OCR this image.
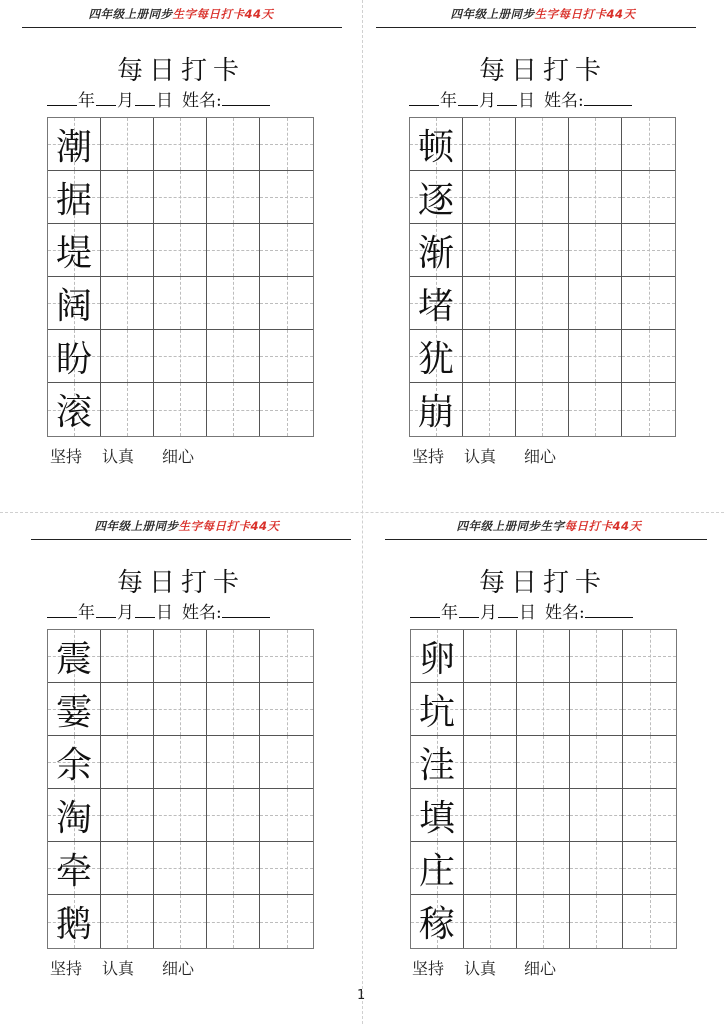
四年级上册同步生字每日打卡44天
每日打卡
年 月 日 姓名:
潮
据
堤
阔
盼
滚
坚持 认真 细心
四年级上册同步生字每日打卡44天
每日打卡
年 月 日 姓名:
顿
逐
渐
堵
犹
崩
坚持 认真 细心
四年级上册同步生字每日打卡44天
每日打卡
年 月 日 姓名:
震
霎
余
淘
牵
鹅
坚持 认真 细心
四年级上册同步生字每日打卡44天
每日打卡
年 月 日 姓名:
卵
坑
洼
填
庄
稼
坚持 认真 细心
1
